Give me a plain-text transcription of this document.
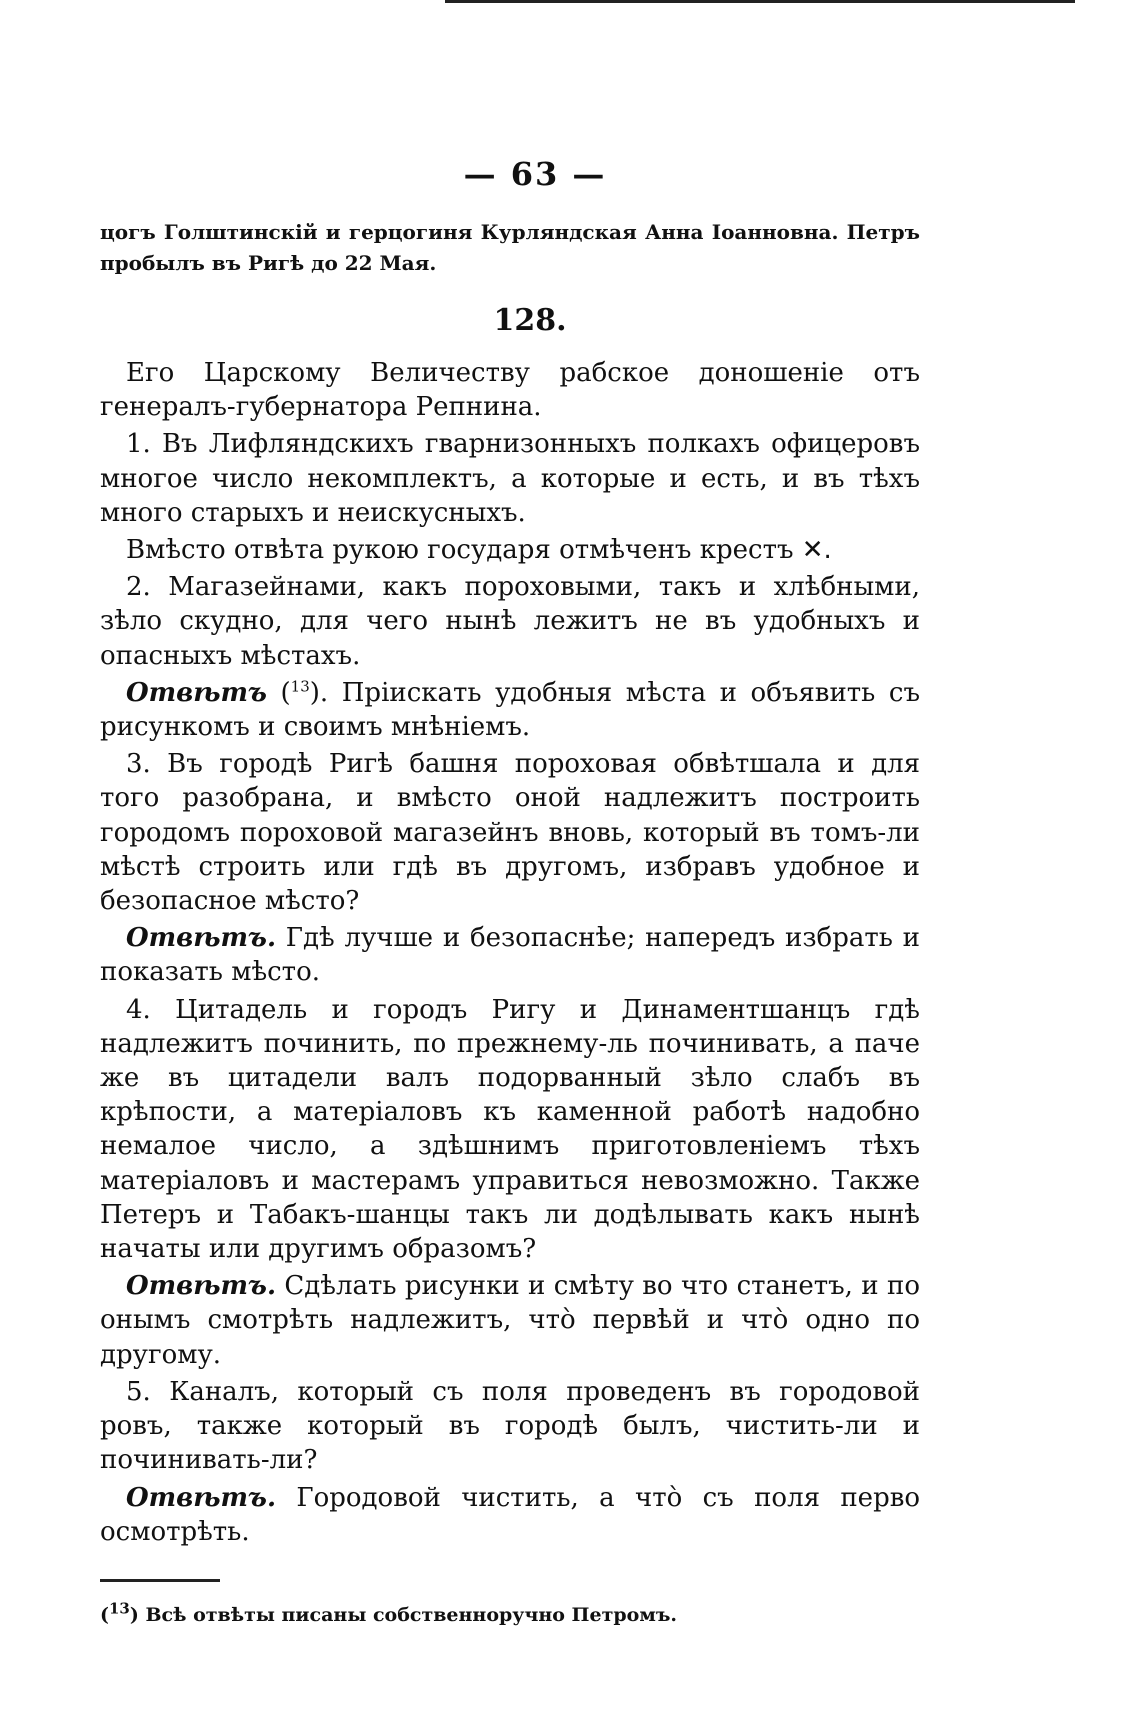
— 63 —

цогъ Голштинскій и герцогиня Курляндская Анна Іоанновна. Петръ пробылъ въ Ригѣ до 22 Мая.

128.

Его Царскому Величеству рабское доношеніе отъ генералъ-губернатора Репнина.

1. Въ Лифляндскихъ гварнизонныхъ полкахъ офицеровъ многое число некомплектъ, а которые и есть, и въ тѣхъ много старыхъ и неискусныхъ.

Вмѣсто отвѣта рукою государя отмѣченъ крестъ ✕.

2. Магазейнами, какъ пороховыми, такъ и хлѣбными, зѣло скудно, для чего нынѣ лежитъ не въ удобныхъ и опасныхъ мѣстахъ.

Отвѣтъ ($^{13}$). Пріискать удобныя мѣста и объявить съ рисункомъ и своимъ мнѣніемъ.

3. Въ городѣ Ригѣ башня пороховая обвѣтшала и для того разобрана, и вмѣсто оной надлежитъ построить городомъ пороховой магазейнъ вновь, который въ томъ-ли мѣстѣ строить или гдѣ въ другомъ, избравъ удобное и безопасное мѣсто?

Отвѣтъ. Гдѣ лучше и безопаснѣе; напередъ избрать и показать мѣсто.

4. Цитадель и городъ Ригу и Динаментшанцъ гдѣ надлежитъ починить, по прежнему-ль починивать, а паче же въ цитадели валъ подорванный зѣло слабъ въ крѣпости, а матеріаловъ къ каменной работѣ надобно немалое число, а здѣшнимъ приготовленіемъ тѣхъ матеріаловъ и мастерамъ управиться невозможно. Также Петеръ и Табакъ-шанцы такъ ли додѣлывать какъ нынѣ начаты или другимъ образомъ?

Отвѣтъ. Сдѣлать рисунки и смѣту во что станетъ, и по онымъ смотрѣть надлежитъ, что̀ первѣй и что̀ одно по другому.

5. Каналъ, который съ поля проведенъ въ городовой ровъ, также который въ городѣ былъ, чистить-ли и починивать-ли?

Отвѣтъ. Городовой чистить, а что̀ съ поля перво осмотрѣть.

($^{13}$) Всѣ отвѣты писаны собственноручно Петромъ.
